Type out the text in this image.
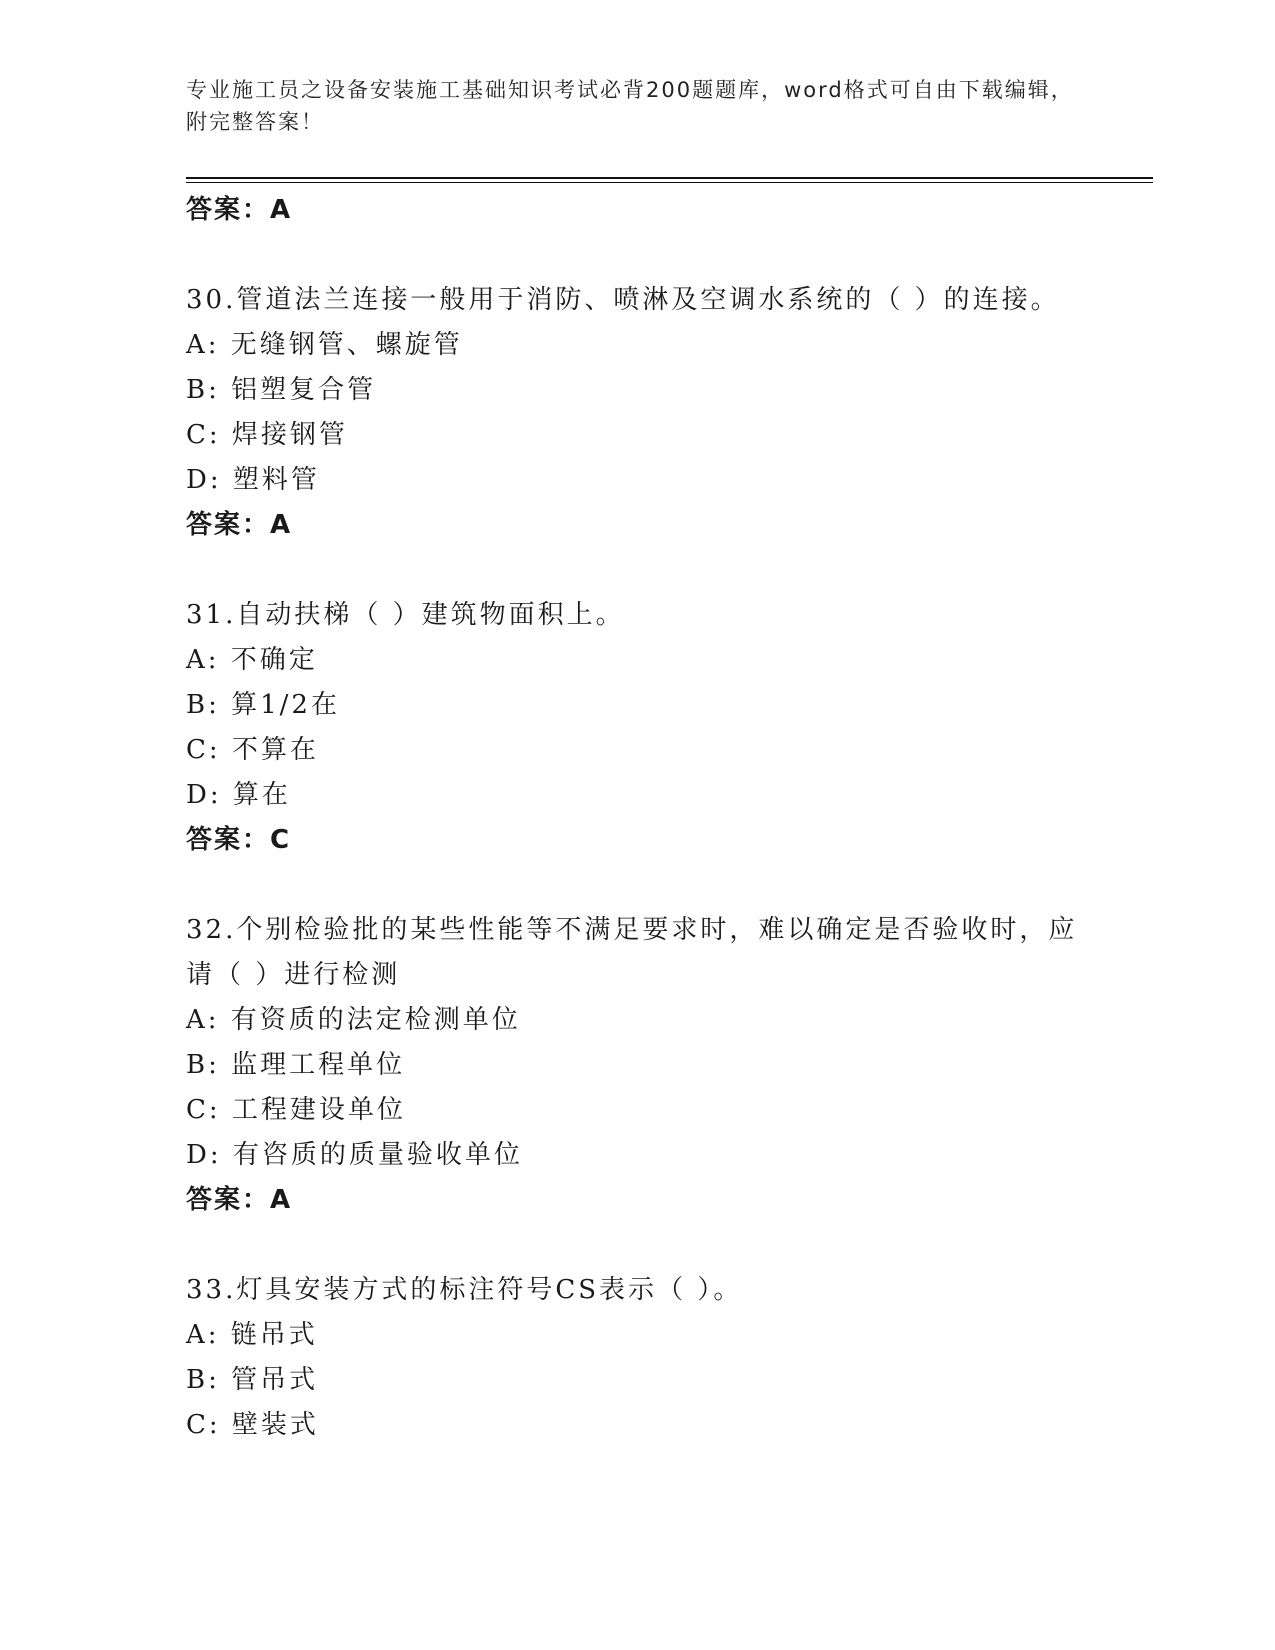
专业施工员之设备安装施工基础知识考试必背200题题库，word格式可自由下载编辑，附完整答案！
答案：A
30.管道法兰连接一般用于消防、喷淋及空调水系统的（ ）的连接。
A: 无缝钢管、螺旋管
B: 铝塑复合管
C: 焊接钢管
D: 塑料管
答案：A
31.自动扶梯（ ）建筑物面积上。
A: 不确定
B: 算1/2在
C: 不算在
D: 算在
答案：C
32.个别检验批的某些性能等不满足要求时，难以确定是否验收时，应
请（ ）进行检测
A: 有资质的法定检测单位
B: 监理工程单位
C: 工程建设单位
D: 有咨质的质量验收单位
答案：A
33.灯具安装方式的标注符号CS表示（ ）。
A: 链吊式
B: 管吊式
C: 壁装式
